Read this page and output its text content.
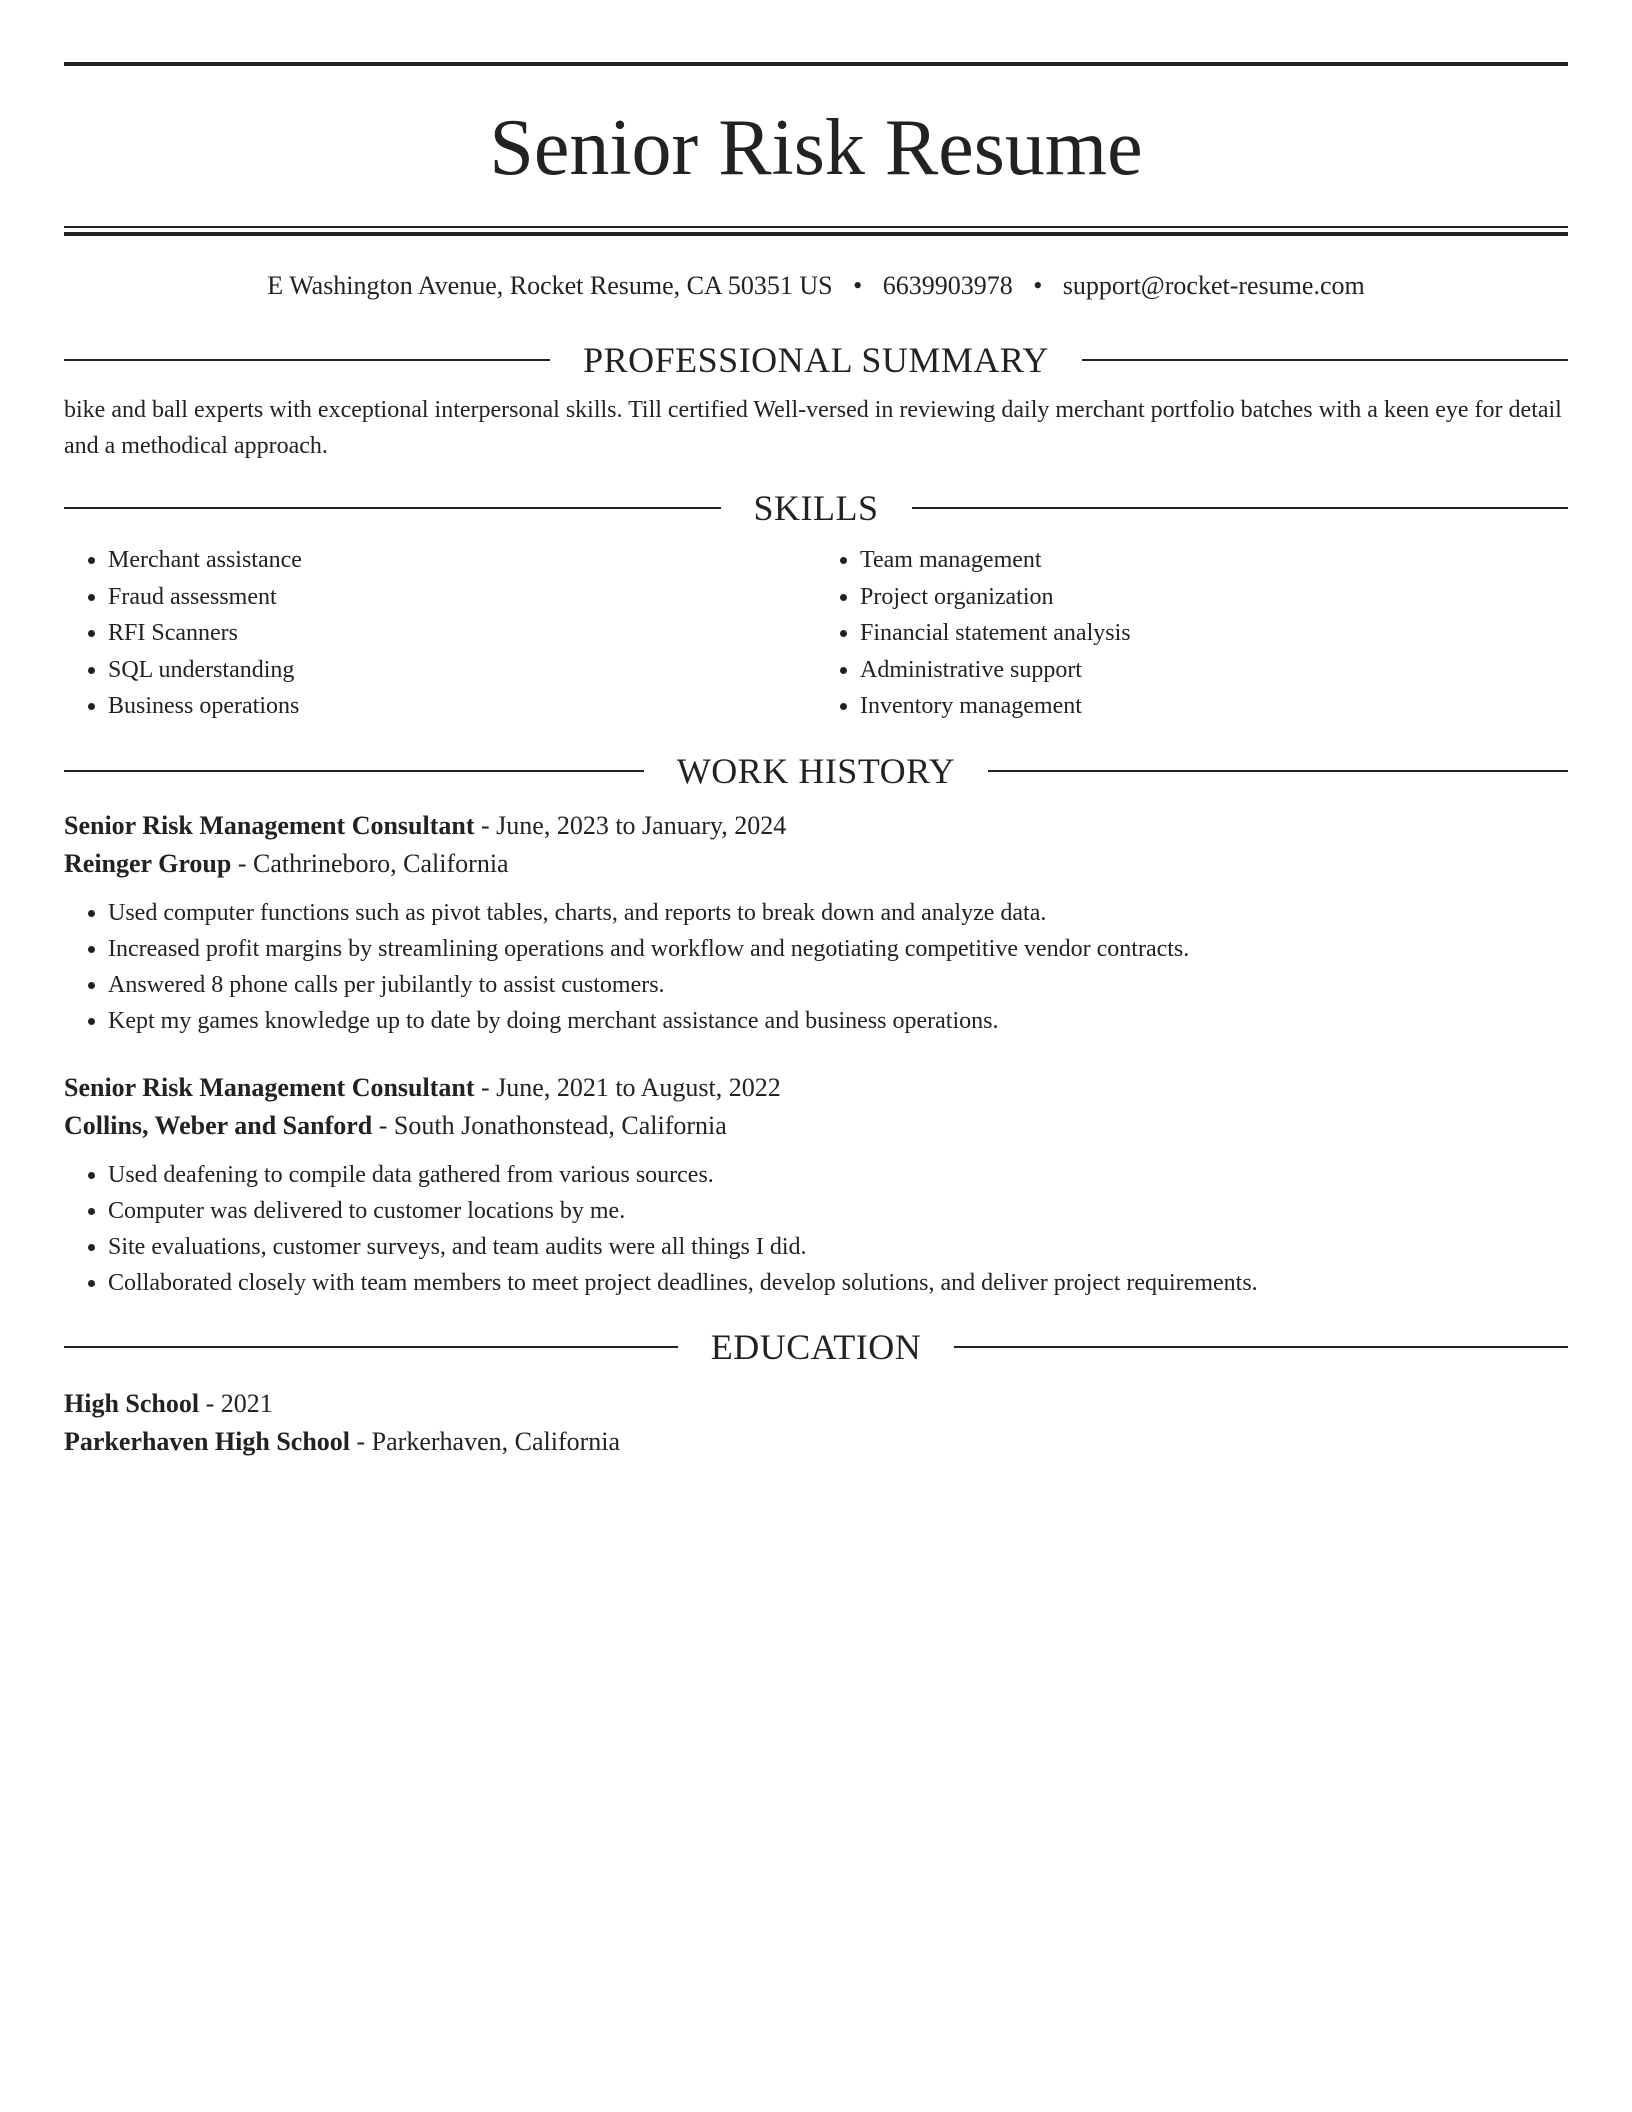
Senior Risk Resume
E Washington Avenue, Rocket Resume, CA 50351 US • 6639903978 • support@rocket-resume.com
PROFESSIONAL SUMMARY
bike and ball experts with exceptional interpersonal skills. Till certified Well-versed in reviewing daily merchant portfolio batches with a keen eye for detail and a methodical approach.
SKILLS
• Merchant assistance
• Fraud assessment
• RFI Scanners
• SQL understanding
• Business operations
• Team management
• Project organization
• Financial statement analysis
• Administrative support
• Inventory management
WORK HISTORY
Senior Risk Management Consultant - June, 2023 to January, 2024
Reinger Group - Cathrineboro, California
• Used computer functions such as pivot tables, charts, and reports to break down and analyze data.
• Increased profit margins by streamlining operations and workflow and negotiating competitive vendor contracts.
• Answered 8 phone calls per jubilantly to assist customers.
• Kept my games knowledge up to date by doing merchant assistance and business operations.
Senior Risk Management Consultant - June, 2021 to August, 2022
Collins, Weber and Sanford - South Jonathonstead, California
• Used deafening to compile data gathered from various sources.
• Computer was delivered to customer locations by me.
• Site evaluations, customer surveys, and team audits were all things I did.
• Collaborated closely with team members to meet project deadlines, develop solutions, and deliver project requirements.
EDUCATION
High School - 2021
Parkerhaven High School - Parkerhaven, California
